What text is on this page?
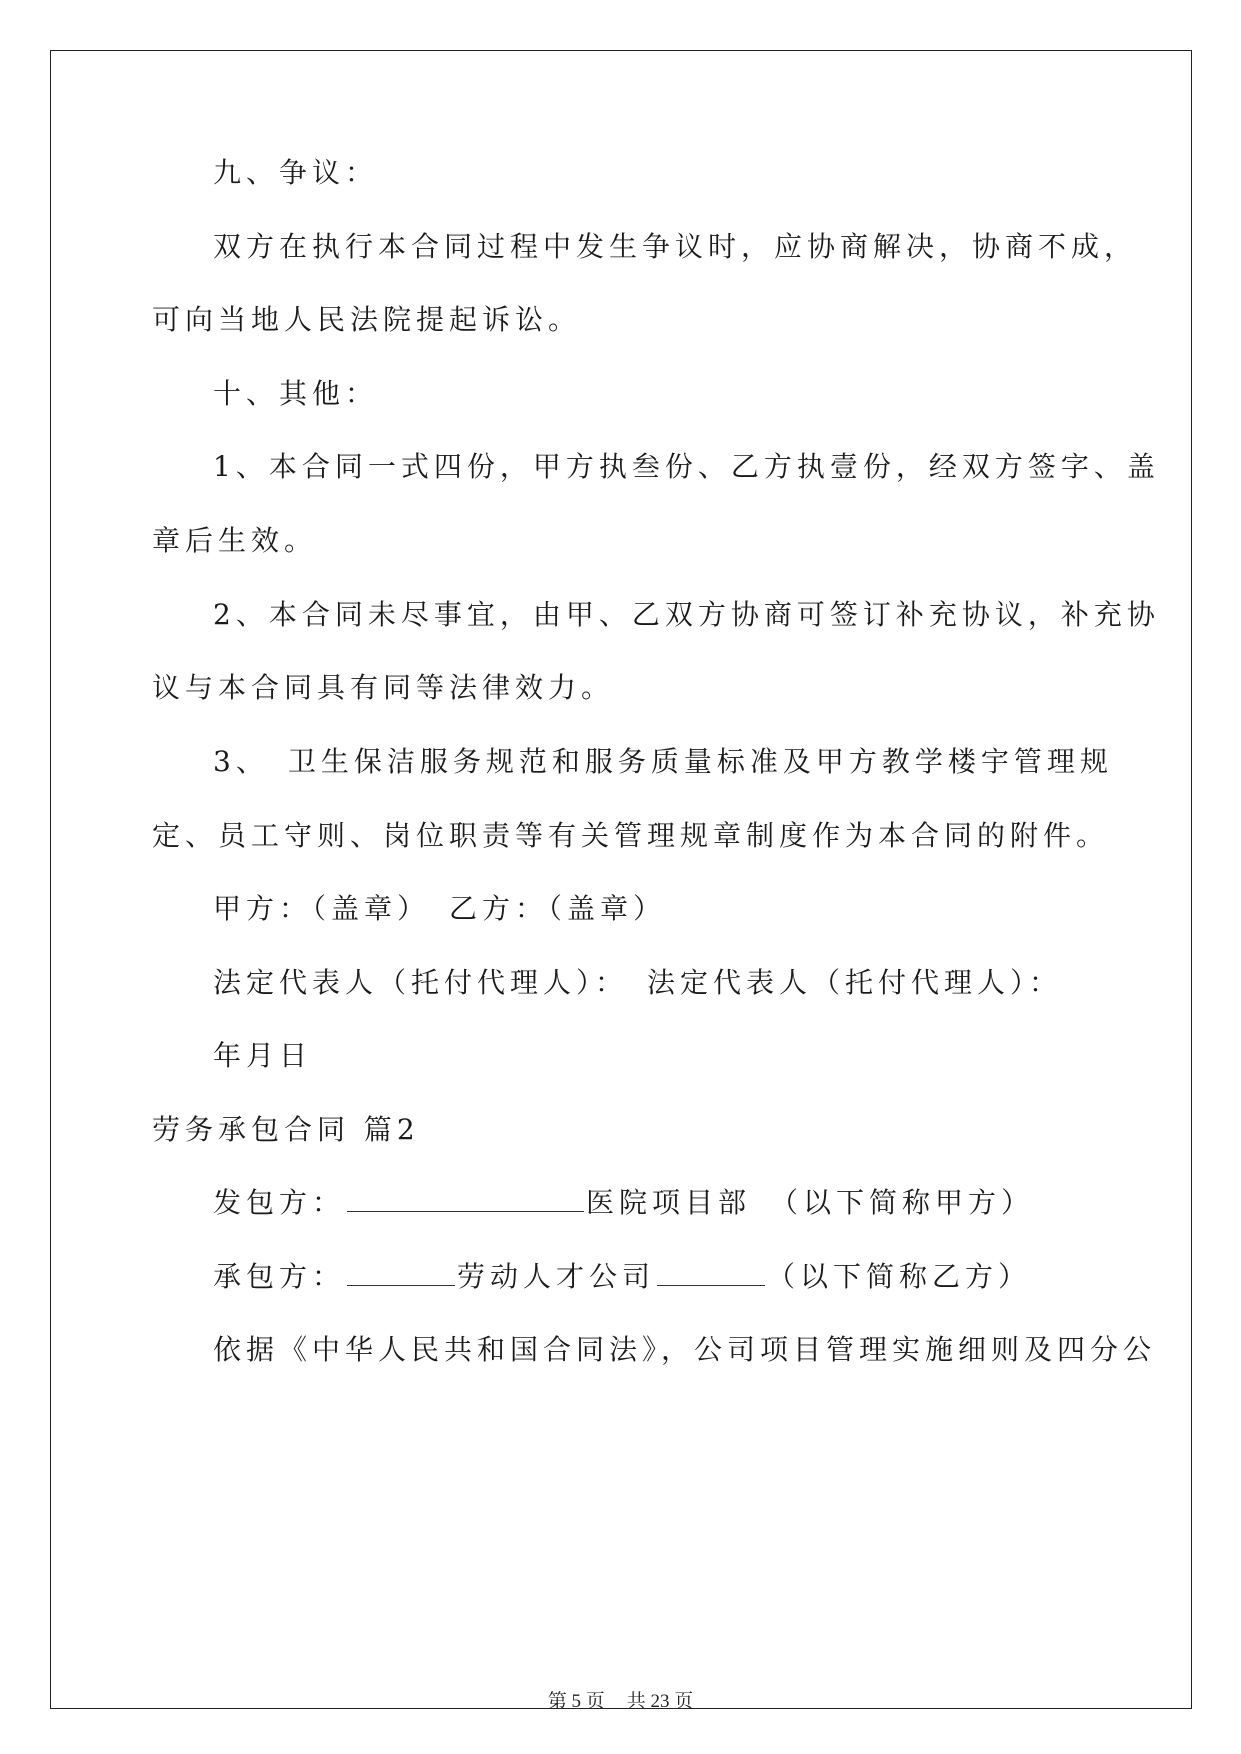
九、争议：
双方在执行本合同过程中发生争议时，应协商解决，协商不成，
可向当地人民法院提起诉讼。
十、其他：
1、本合同一式四份，甲方执叁份、乙方执壹份，经双方签字、盖
章后生效。
2、本合同未尽事宜，由甲、乙双方协商可签订补充协议，补充协
议与本合同具有同等法律效力。
3、　卫生保洁服务规范和服务质量标准及甲方教学楼宇管理规
定、员工守则、岗位职责等有关管理规章制度作为本合同的附件。
甲方：（盖章）　乙方：（盖章）
法定代表人（托付代理人）：　法定代表人（托付代理人）：
年月日
劳务承包合同 篇2
发包方：	医院项目部　（以下简称甲方）
承包方：	劳动人才公司	（以下简称乙方）
依据《中华人民共和国合同法》，公司项目管理实施细则及四分公
第 5 页 共 23 页
